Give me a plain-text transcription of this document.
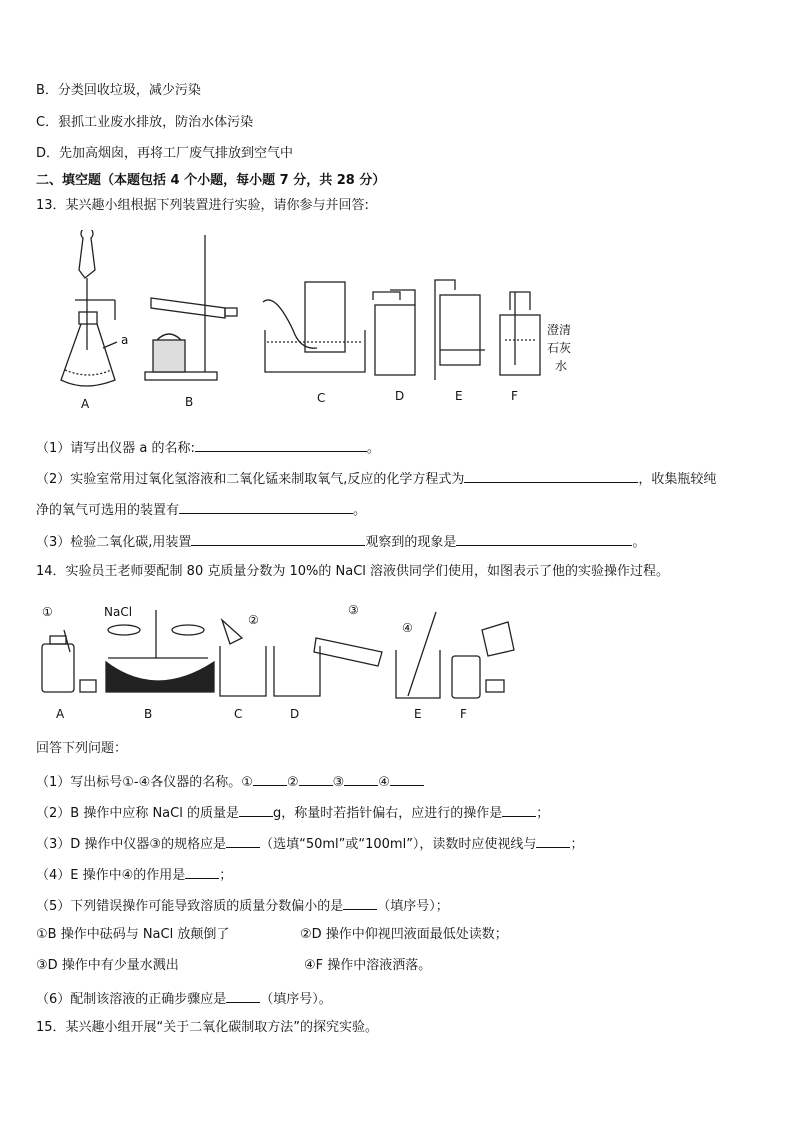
B．分类回收垃圾，减少污染
C．狠抓工业废水排放，防治水体污染
D．先加高烟囱，再将工厂废气排放到空气中
二、填空题（本题包括 4 个小题，每小题 7 分，共 28 分）
13．某兴趣小组根据下列装置进行实验，请你参与并回答:
a
澄清
石灰
水
A	B	C	D	E	F
（1）请写出仪器 a 的名称:	。
（2）实验室常用过氧化氢溶液和二氧化锰来制取氧气,反应的化学方程式为	，收集瓶较纯
净的氧气可选用的装置有	。
（3）检验二氧化碳,用装置	观察到的现象是	。
14．实验员王老师要配制 80 克质量分数为 10%的 NaCl 溶液供同学们使用，如图表示了他的实验操作过程。
①	NaCl
②
③
④
A	B	C	D	E	F
回答下列问题：
（1）写出标号①-④各仪器的名称。①	②	③	④
（2）B 操作中应称 NaCl 的质量是	g，称量时若指针偏右，应进行的操作是	；
（3）D 操作中仪器③的规格应是	（选填“50ml”或“100ml”），读数时应使视线与	；
（4）E 操作中④的作用是	；
（5）下列错误操作可能导致溶质的质量分数偏小的是	（填序号）；
①B 操作中砝码与 NaCl 放颠倒了	②D 操作中仰视凹液面最低处读数；
③D 操作中有少量水溅出	④F 操作中溶液洒落。
（6）配制该溶液的正确步骤应是	（填序号）。
15．某兴趣小组开展“关于二氧化碳制取方法”的探究实验。
